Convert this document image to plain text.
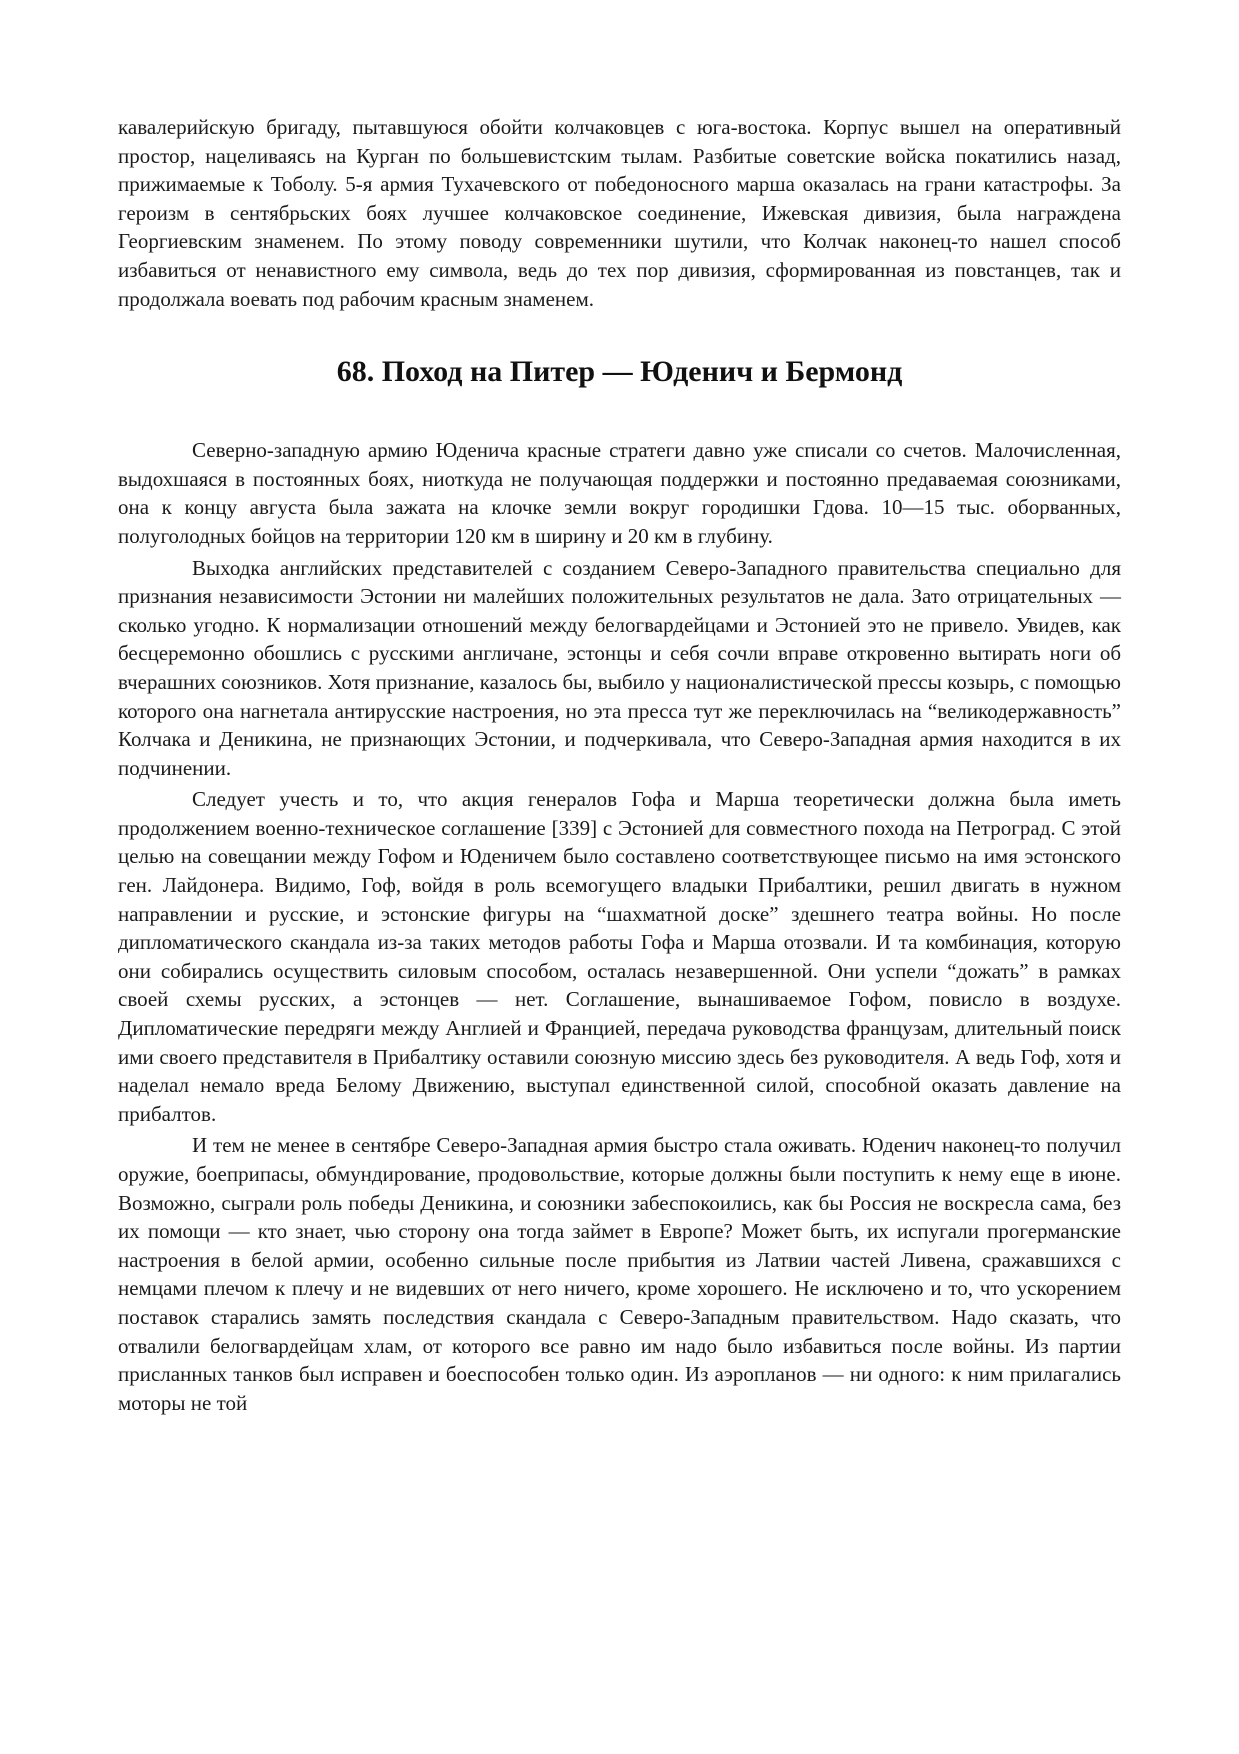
кавалерийскую бригаду, пытавшуюся обойти колчаковцев с юга-востока. Корпус вышел на оперативный простор, нацеливаясь на Курган по большевистским тылам. Разбитые советские войска покатились назад, прижимаемые к Тоболу. 5-я армия Тухачевского от победоносного марша оказалась на грани катастрофы. За героизм в сентябрьских боях лучшее колчаковское соединение, Ижевская дивизия, была награждена Георгиевским знаменем. По этому поводу современники шутили, что Колчак наконец-то нашел способ избавиться от ненавистного ему символа, ведь до тех пор дивизия, сформированная из повстанцев, так и продолжала воевать под рабочим красным знаменем.

68. Поход на Питер — Юденич и Бермонд

Северно-западную армию Юденича красные стратеги давно уже списали со счетов. Малочисленная, выдохшаяся в постоянных боях, ниоткуда не получающая поддержки и постоянно предаваемая союзниками, она к концу августа была зажата на клочке земли вокруг городишки Гдова. 10—15 тыс. оборванных, полуголодных бойцов на территории 120 км в ширину и 20 км в глубину.

Выходка английских представителей с созданием Северо-Западного правительства специально для признания независимости Эстонии ни малейших положительных результатов не дала. Зато отрицательных — сколько угодно. К нормализации отношений между белогвардейцами и Эстонией это не привело. Увидев, как бесцеремонно обошлись с русскими англичане, эстонцы и себя сочли вправе откровенно вытирать ноги об вчерашних союзников. Хотя признание, казалось бы, выбило у националистической прессы козырь, с помощью которого она нагнетала антирусские настроения, но эта пресса тут же переключилась на “великодержавность” Колчака и Деникина, не признающих Эстонии, и подчеркивала, что Северо-Западная армия находится в их подчинении.

Следует учесть и то, что акция генералов Гофа и Марша теоретически должна была иметь продолжением военно-техническое соглашение [339] с Эстонией для совместного похода на Петроград. С этой целью на совещании между Гофом и Юденичем было составлено соответствующее письмо на имя эстонского ген. Лайдонера. Видимо, Гоф, войдя в роль всемогущего владыки Прибалтики, решил двигать в нужном направлении и русские, и эстонские фигуры на “шахматной доске” здешнего театра войны. Но после дипломатического скандала из-за таких методов работы Гофа и Марша отозвали. И та комбинация, которую они собирались осуществить силовым способом, осталась незавершенной. Они успели “дожать” в рамках своей схемы русских, а эстонцев — нет. Соглашение, вынашиваемое Гофом, повисло в воздухе. Дипломатические передряги между Англией и Францией, передача руководства французам, длительный поиск ими своего представителя в Прибалтику оставили союзную миссию здесь без руководителя. А ведь Гоф, хотя и наделал немало вреда Белому Движению, выступал единственной силой, способной оказать давление на прибалтов.

И тем не менее в сентябре Северо-Западная армия быстро стала оживать. Юденич наконец-то получил оружие, боеприпасы, обмундирование, продовольствие, которые должны были поступить к нему еще в июне. Возможно, сыграли роль победы Деникина, и союзники забеспокоились, как бы Россия не воскресла сама, без их помощи — кто знает, чью сторону она тогда займет в Европе? Может быть, их испугали прогерманские настроения в белой армии, особенно сильные после прибытия из Латвии частей Ливена, сражавшихся с немцами плечом к плечу и не видевших от него ничего, кроме хорошего. Не исключено и то, что ускорением поставок старались замять последствия скандала с Северо-Западным правительством. Надо сказать, что отвалили белогвардейцам хлам, от которого все равно им надо было избавиться после войны. Из партии присланных танков был исправен и боеспособен только один. Из аэропланов — ни одного: к ним прилагались моторы не той
